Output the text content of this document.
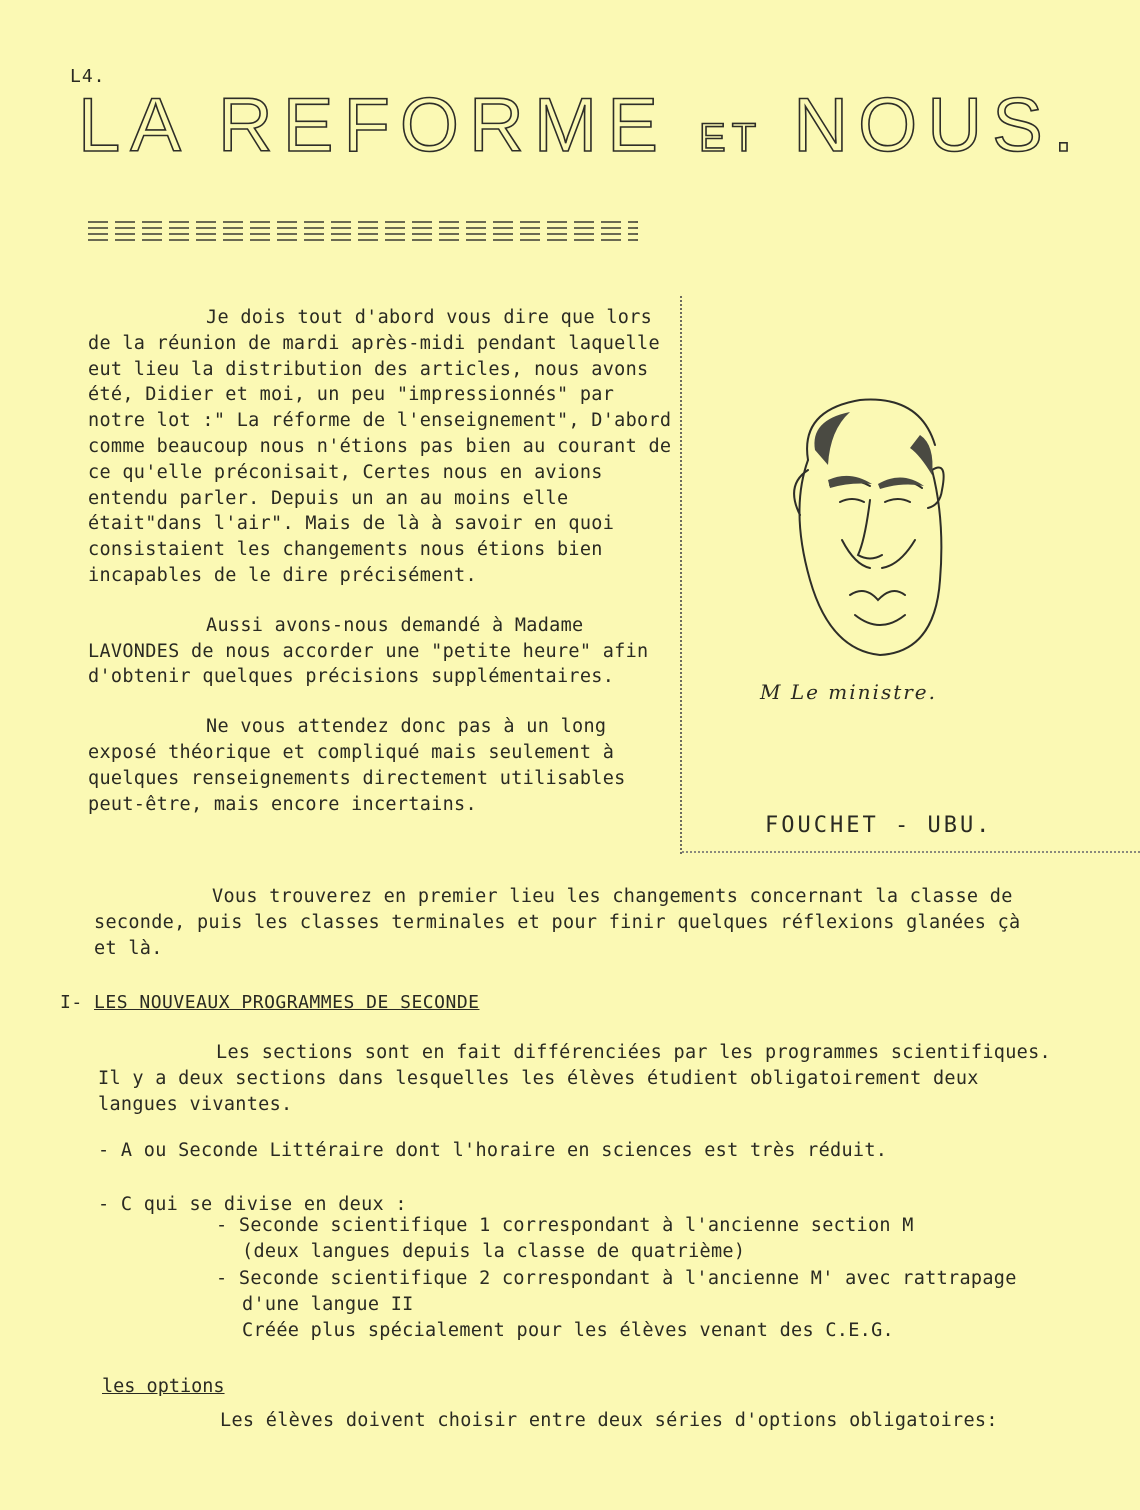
L4.
LA REFORME ET NOUS.

Je dois tout d'abord vous dire que lors de la réunion de mardi après-midi pendant laquelle eut lieu la distribution des articles, nous avons été, Didier et moi, un peu "impressionnés" par notre lot :" La réforme de l'enseignement", D'abord comme beaucoup nous n'étions pas bien au courant de ce qu'elle préconisait, Certes nous en avions entendu parler. Depuis un an au moins elle était"dans l'air". Mais de là à savoir en quoi consistaient les changements nous étions bien incapables de le dire précisément.

Aussi avons-nous demandé à Madame LAVONDES de nous accorder une "petite heure" afin d'obtenir quelques précisions supplémentaires.

Ne vous attendez donc pas à un long exposé théorique et compliqué mais seulement à quelques renseignements directement utilisables peut-être, mais encore incertains.

M Le ministre.
FOUCHET - UBU.

Vous trouverez en premier lieu les changements concernant la classe de seconde, puis les classes terminales et pour finir quelques réflexions glanées çà et là.

I- LES NOUVEAUX PROGRAMMES DE SECONDE

Les sections sont en fait différenciées par les programmes scientifiques. Il y a deux sections dans lesquelles les élèves étudient obligatoirement deux langues vivantes.

- A ou Seconde Littéraire dont l'horaire en sciences est très réduit.
- C qui se divise en deux :
- Seconde scientifique 1 correspondant à l'ancienne section M
(deux langues depuis la classe de quatrième)
- Seconde scientifique 2 correspondant à l'ancienne M' avec rattrapage
d'une langue II
Créée plus spécialement pour les élèves venant des C.E.G.
les options

Les élèves doivent choisir entre deux séries d'options obligatoires:
